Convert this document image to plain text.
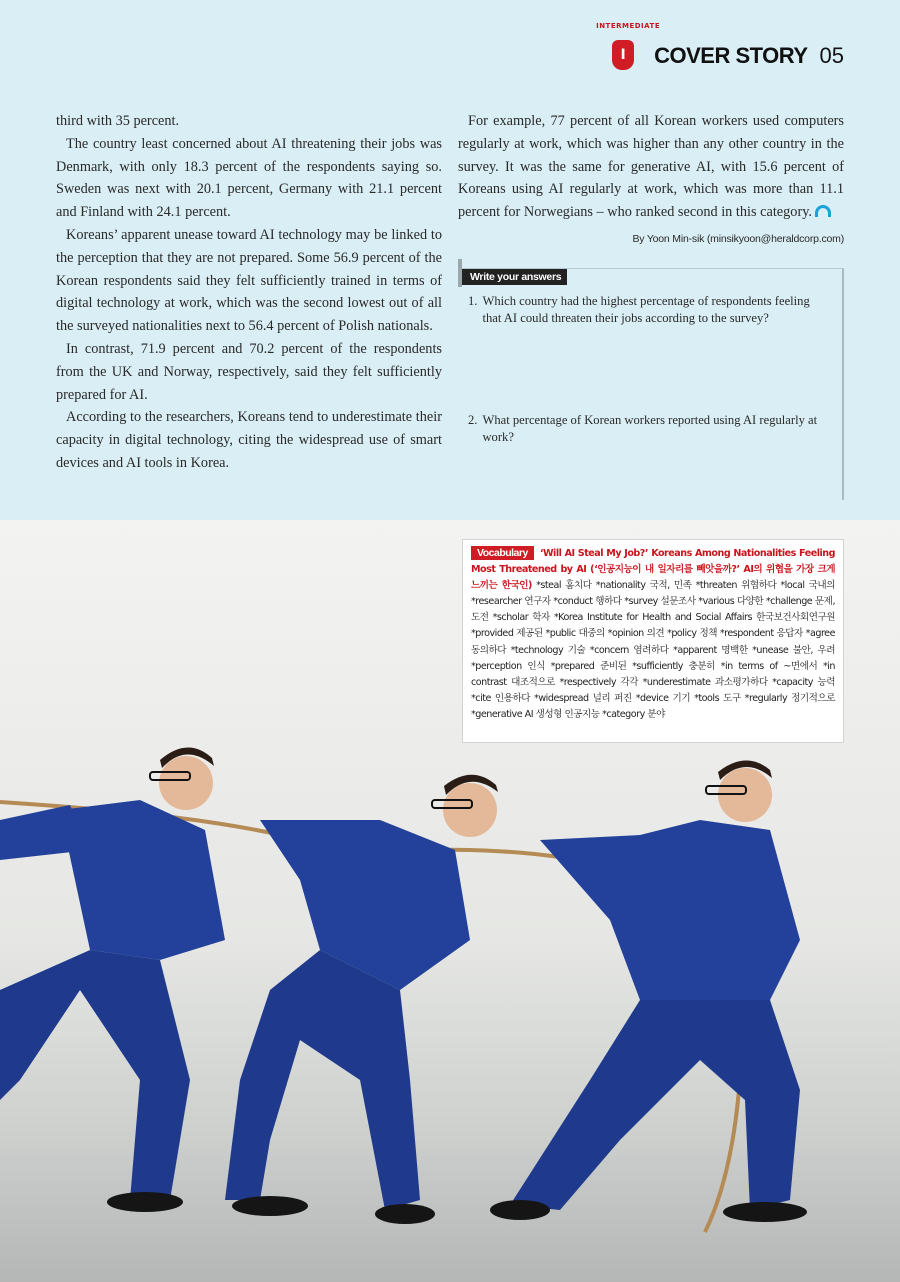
INTERMEDIATE
I	COVER STORY 05

third with 35 percent.

The country least concerned about AI threatening their jobs was Denmark, with only 18.3 percent of the respondents saying so. Sweden was next with 20.1 percent, Germany with 21.1 percent and Finland with 24.1 percent.

Koreans’ apparent unease toward AI technology may be linked to the perception that they are not prepared. Some 56.9 percent of the Korean respondents said they felt sufficiently trained in terms of digital technology at work, which was the second lowest out of all the surveyed nationalities next to 56.4 percent of Polish nationals.

In contrast, 71.9 percent and 70.2 percent of the respondents from the UK and Norway, respectively, said they felt sufficiently prepared for AI.

According to the researchers, Koreans tend to underestimate their capacity in digital technology, citing the widespread use of smart devices and AI tools in Korea.

For example, 77 percent of all Korean workers used computers regularly at work, which was higher than any other country in the survey. It was the same for generative AI, with 15.6 percent of Koreans using AI regularly at work, which was more than 11.1 percent for Norwegians – who ranked second in this category.

By Yoon Min-sik (minsikyoon@heraldcorp.com)
Write your answers
1. Which country had the highest percentage of respondents feeling that AI could threaten their jobs according to the survey?
2. What percentage of Korean workers reported using AI regularly at work?
Vocabulary ‘Will AI Steal My Job?’ Koreans Among Nationalities Feeling Most Threatened by AI (‘인공지능이 내 일자리를 빼앗을까?’ AI의 위협을 가장 크게 느끼는 한국인) *steal 훔치다 *nationality 국적, 민족 *threaten 위협하다 *local 국내의 *researcher 연구자 *conduct 행하다 *survey 설문조사 *various 다양한 *challenge 문제, 도전 *scholar 학자 *Korea Institute for Health and Social Affairs 한국보건사회연구원 *provided 제공된 *public 대중의 *opinion 의견 *policy 정책 *respondent 응답자 *agree 동의하다 *technology 기술 *concern 염려하다 *apparent 명백한 *unease 불안, 우려 *perception 인식 *prepared 준비된 *sufficiently 충분히 *in terms of ~면에서 *in contrast 대조적으로 *respectively 각각 *underestimate 과소평가하다 *capacity 능력 *cite 인용하다 *widespread 널리 퍼진 *device 기기 *tools 도구 *regularly 정기적으로 *generative AI 생성형 인공지능 *category 분야
